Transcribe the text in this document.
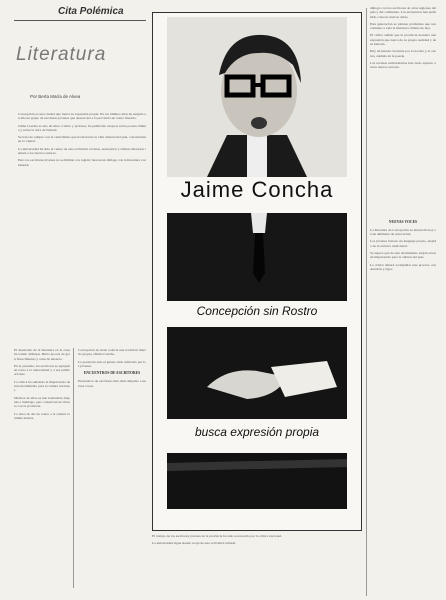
Cita Polémica
Literatura
Por Berta María de Alvea

Concepción es una ciudad que busca su expresión propia. En los últimos años ha surgido en ella un grupo de escritores jóvenes que desean dar a la provincia un rostro literario.

Jaime Concha es uno de ellos. Crítico y profesor, ha publicado ensayos sobre poesía chilena y sobre la obra de Neruda.

Se trata de romper con el centralismo que ha marcado la vida cultural del país, concentrada en la capital.

La universidad ha sido el centro de esta actividad: revistas, encuentros y talleres literarios reúnen a los nuevos autores.

Pero los escritores jóvenes no se limitan a la región; buscan un diálogo con la literatura continental.

El desarrollo de la literatura en la zona ha tenido altibajos. Hubo épocas de gran florecimiento y otras de silencio.

En el presente, los escritores se agrupan en torno a la universidad y a sus publicaciones.

La crítica ha señalado la importancia de este movimiento para la cultura nacional.

Muchos de ellos se han trasladado después a Santiago, pero conservan su vínculo con la provincia.

La tarea de dar un rostro a la ciudad continúa abierta.

Concepción no tiene todavía una tradición literaria propia, afirma Concha.

La poesía ha sido el género más cultivado por los jóvenes.

ENCUENTROS DE ESCRITORES

Encuentros de escritores han dado impulso a nuevas voces.

Jaime Concha
Concepción sin Rostro
busca expresión propia

El trabajo de los escritores jóvenes de la provincia ha sido reconocido por la crítica nacional.

La universidad sigue siendo el eje de esta actividad cultural.

diálogo con los escritores de otras regiones del país y del continente. Los encuentros han permitido conocer nuevas obras.

Esta generación se plantea problemas que son comunes a toda la literatura chilena de hoy.

El crítico señala que la provincia necesita una expresión que nazca de su propia realidad y de su historia.

Hay un interés creciente por la novela y el cuento, además de la poesía.

Las revistas universitarias han dado espacio a estos nuevos autores.

NUEVAS VOCES

La literatura de Concepción se desarrolla hoy en un ambiente de renovación.

Los jóvenes buscan un lenguaje propio, alejado de la retórica tradicional.

Se espera que de este movimiento surjan obras de importancia para la cultura del país.

La crítica deberá acompañar este proceso con atención y rigor.
